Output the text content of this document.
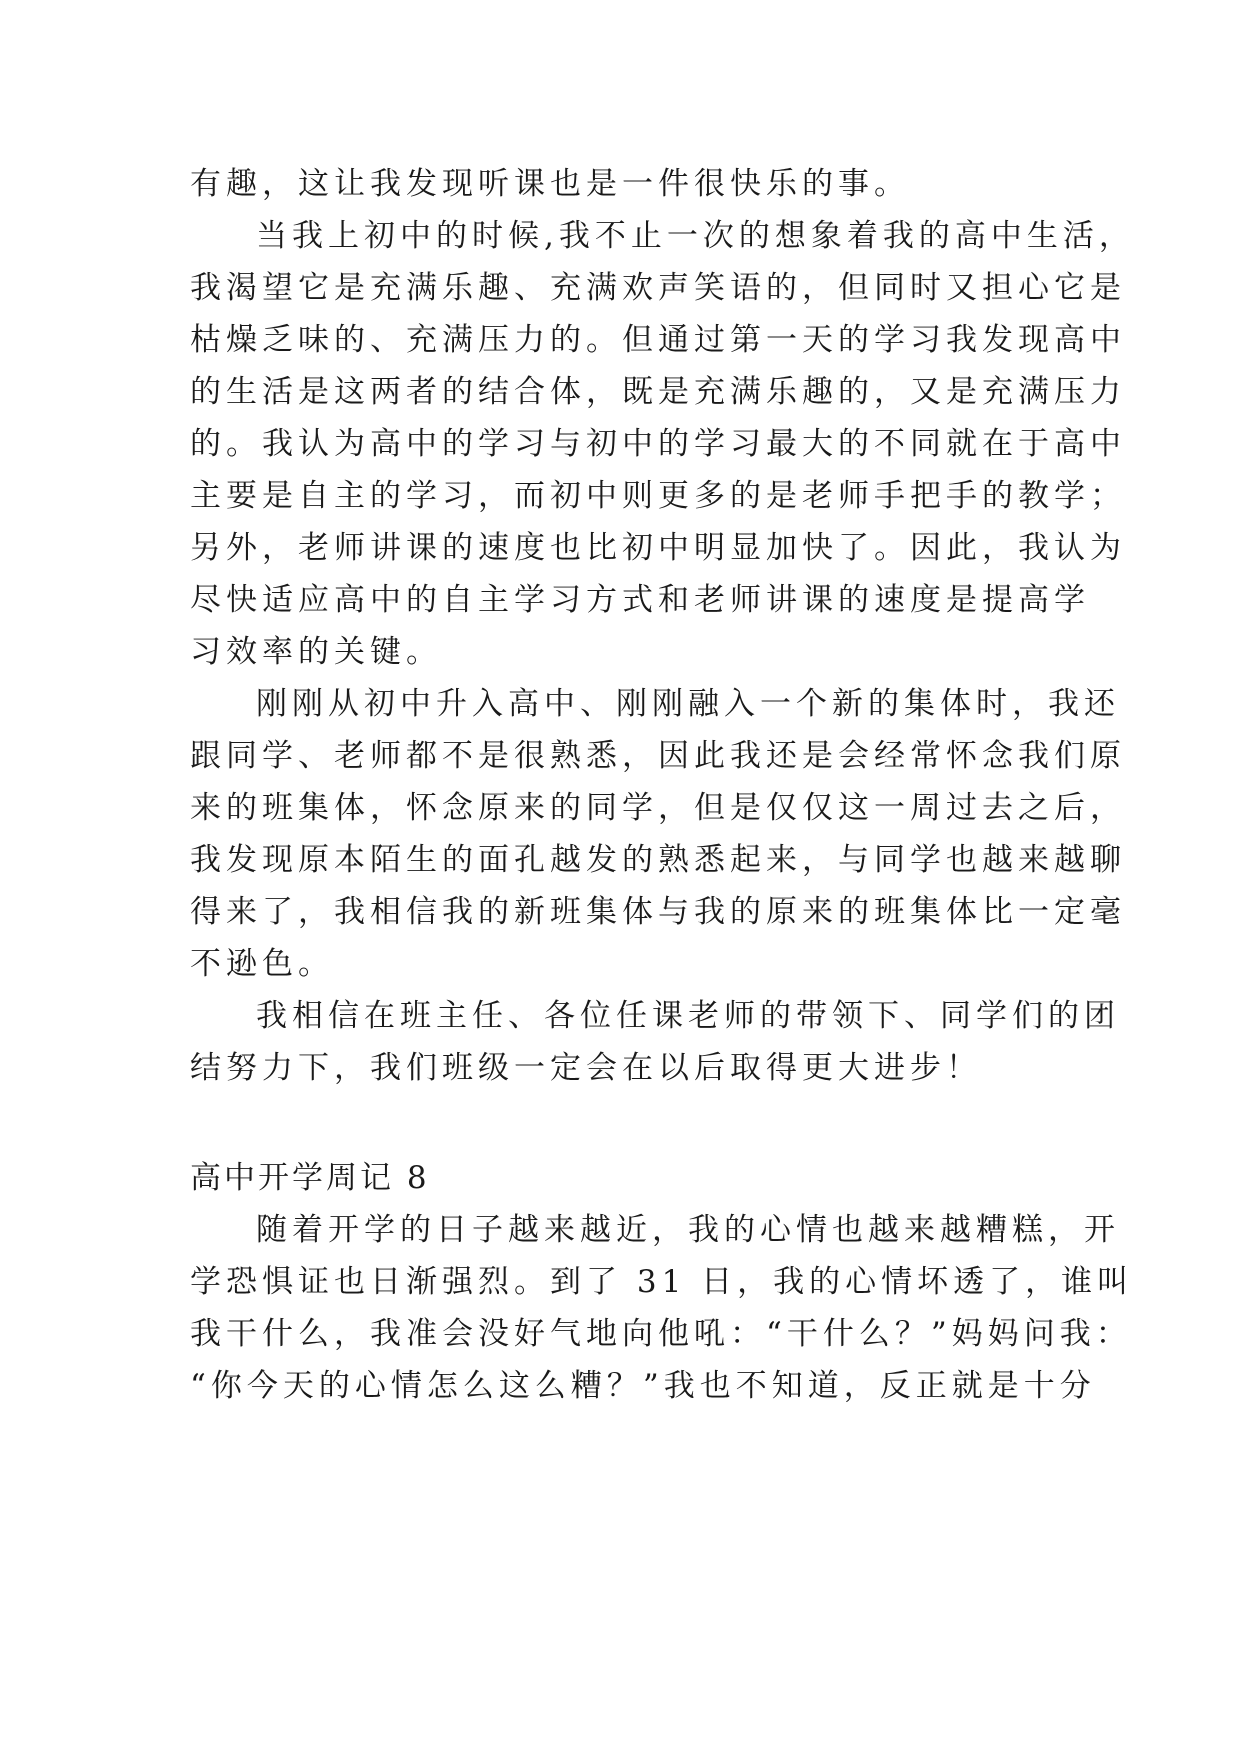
有趣，这让我发现听课也是一件很快乐的事。
当我上初中的时候,我不止一次的想象着我的高中生活，
我渴望它是充满乐趣、充满欢声笑语的，但同时又担心它是
枯燥乏味的、充满压力的。但通过第一天的学习我发现高中
的生活是这两者的结合体，既是充满乐趣的，又是充满压力
的。我认为高中的学习与初中的学习最大的不同就在于高中
主要是自主的学习，而初中则更多的是老师手把手的教学；
另外，老师讲课的速度也比初中明显加快了。因此，我认为
尽快适应高中的自主学习方式和老师讲课的速度是提高学
习效率的关键。
刚刚从初中升入高中、刚刚融入一个新的集体时，我还
跟同学、老师都不是很熟悉，因此我还是会经常怀念我们原
来的班集体，怀念原来的同学，但是仅仅这一周过去之后，
我发现原本陌生的面孔越发的熟悉起来，与同学也越来越聊
得来了，我相信我的新班集体与我的原来的班集体比一定毫
不逊色。
我相信在班主任、各位任课老师的带领下、同学们的团
结努力下，我们班级一定会在以后取得更大进步！
高中开学周记 8
随着开学的日子越来越近，我的心情也越来越糟糕，开
学恐惧证也日渐强烈。到了 31 日，我的心情坏透了，谁叫
我干什么，我准会没好气地向他吼：“干什么？”妈妈问我：
“你今天的心情怎么这么糟？”我也不知道，反正就是十分
